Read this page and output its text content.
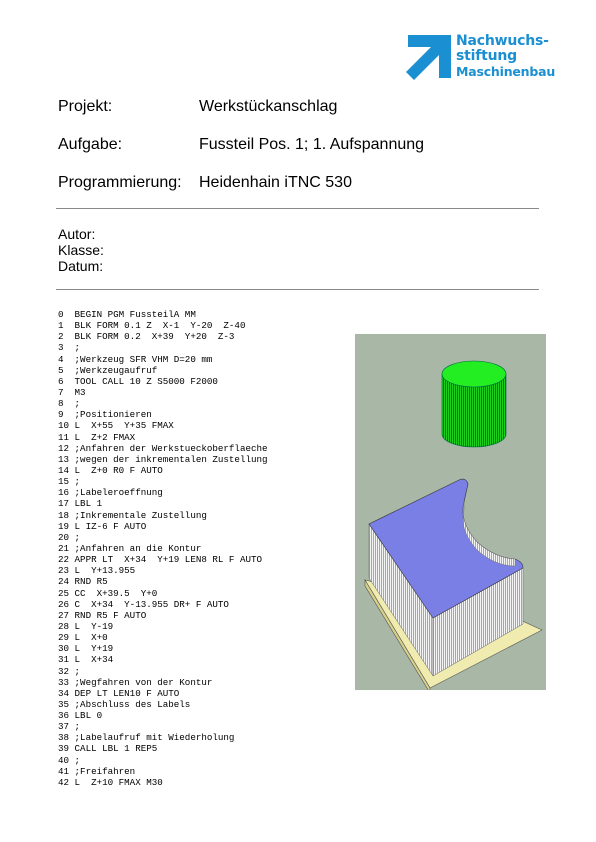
Nachwuchs-
stiftung
Maschinenbau
Projekt:	Werkstückanschlag
Aufgabe:	Fussteil Pos. 1; 1. Aufspannung
Programmierung: Heidenhain iTNC 530
Autor:
Klasse:
Datum:
0  BEGIN PGM FussteilA MM
1  BLK FORM 0.1 Z  X-1  Y-20  Z-40
2  BLK FORM 0.2  X+39  Y+20  Z-3
3  ;
4  ;Werkzeug SFR VHM D=20 mm
5  ;Werkzeugaufruf
6  TOOL CALL 10 Z S5000 F2000
7  M3
8  ;
9  ;Positionieren
10 L  X+55  Y+35 FMAX
11 L  Z+2 FMAX
12 ;Anfahren der Werkstueckoberflaeche
13 ;wegen der inkrementalen Zustellung
14 L  Z+0 R0 F AUTO
15 ;
16 ;Labeleroeffnung
17 LBL 1
18 ;Inkrementale Zustellung
19 L IZ-6 F AUTO
20 ;
21 ;Anfahren an die Kontur
22 APPR LT  X+34  Y+19 LEN8 RL F AUTO
23 L  Y+13.955
24 RND R5
25 CC  X+39.5  Y+0
26 C  X+34  Y-13.955 DR+ F AUTO
27 RND R5 F AUTO
28 L  Y-19
29 L  X+0
30 L  Y+19
31 L  X+34
32 ;
33 ;Wegfahren von der Kontur
34 DEP LT LEN10 F AUTO
35 ;Abschluss des Labels
36 LBL 0
37 ;
38 ;Labelaufruf mit Wiederholung
39 CALL LBL 1 REP5
40 ;
41 ;Freifahren
42 L  Z+10 FMAX M30
